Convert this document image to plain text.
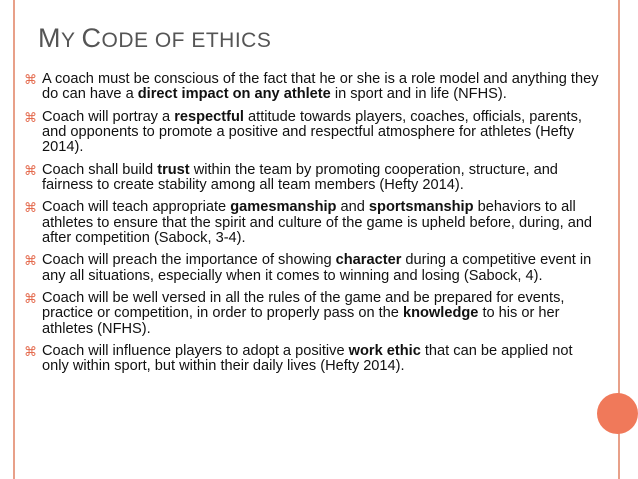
MY CODE OF ETHICS
⌘ A coach must be conscious of the fact that he or she is a role model and anything they do can have a direct impact on any athlete in sport and in life (NFHS).
⌘ Coach will portray a respectful attitude towards players, coaches, officials, parents, and opponents to promote a positive and respectful atmosphere for athletes (Hefty 2014).
⌘ Coach shall build trust within the team by promoting cooperation, structure, and fairness to create stability among all team members (Hefty 2014).
⌘ Coach will teach appropriate gamesmanship and sportsmanship behaviors to all athletes to ensure that the spirit and culture of the game is upheld before, during, and after competition (Sabock, 3-4).
⌘ Coach will preach the importance of showing character during a competitive event in any all situations, especially when it comes to winning and losing (Sabock, 4).
⌘ Coach will be well versed in all the rules of the game and be prepared for events, practice or competition, in order to properly pass on the knowledge to his or her athletes (NFHS).
⌘ Coach will influence players to adopt a positive work ethic that can be applied not only within sport, but within their daily lives (Hefty 2014).
